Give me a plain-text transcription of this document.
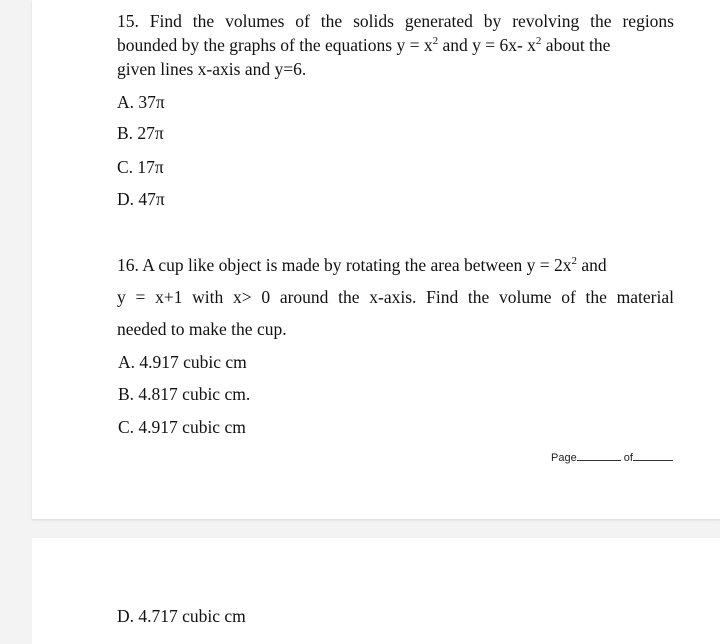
15. Find the volumes of the solids generated by revolving the regions
bounded by the graphs of the equations $y = x^2$ and y = 6x- $x^2$ about the
given lines x-axis and y=6.
A. 37π
B. 27π
C. 17π
D. 47π
16. A cup like object is made by rotating the area between $y = 2x^2$ and
y = x+1 with x> 0 around the x-axis. Find the volume of the material
needed to make the cup.
A. 4.917 cubic cm
B. 4.817 cubic cm.
C. 4.917 cubic cm
Page	of
D. 4.717 cubic cm
